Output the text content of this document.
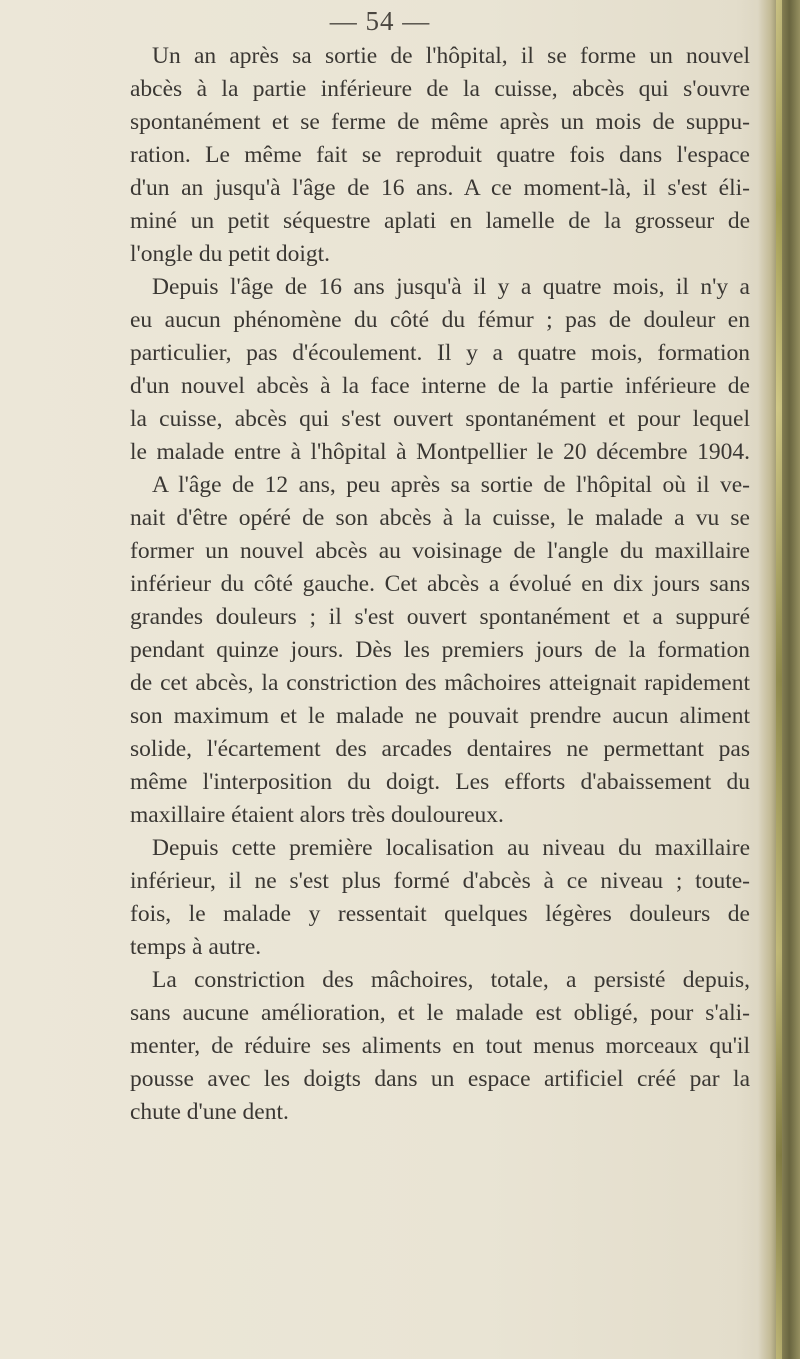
— 54 —
Un an après sa sortie de l'hôpital, il se forme un nouvel
abcès à la partie inférieure de la cuisse, abcès qui s'ouvre
spontanément et se ferme de même après un mois de suppu-
ration. Le même fait se reproduit quatre fois dans l'espace
d'un an jusqu'à l'âge de 16 ans. A ce moment-là, il s'est éli-
miné un petit séquestre aplati en lamelle de la grosseur de
l'ongle du petit doigt.
Depuis l'âge de 16 ans jusqu'à il y a quatre mois, il n'y a
eu aucun phénomène du côté du fémur ; pas de douleur en
particulier, pas d'écoulement. Il y a quatre mois, formation
d'un nouvel abcès à la face interne de la partie inférieure de
la cuisse, abcès qui s'est ouvert spontanément et pour lequel
le malade entre à l'hôpital à Montpellier le 20 décembre 1904.
A l'âge de 12 ans, peu après sa sortie de l'hôpital où il ve-
nait d'être opéré de son abcès à la cuisse, le malade a vu se
former un nouvel abcès au voisinage de l'angle du maxillaire
inférieur du côté gauche. Cet abcès a évolué en dix jours sans
grandes douleurs ; il s'est ouvert spontanément et a suppuré
pendant quinze jours. Dès les premiers jours de la formation
de cet abcès, la constriction des mâchoires atteignait rapidement
son maximum et le malade ne pouvait prendre aucun aliment
solide, l'écartement des arcades dentaires ne permettant pas
même l'interposition du doigt. Les efforts d'abaissement du
maxillaire étaient alors très douloureux.
Depuis cette première localisation au niveau du maxillaire
inférieur, il ne s'est plus formé d'abcès à ce niveau ; toute-
fois, le malade y ressentait quelques légères douleurs de
temps à autre.
La constriction des mâchoires, totale, a persisté depuis,
sans aucune amélioration, et le malade est obligé, pour s'ali-
menter, de réduire ses aliments en tout menus morceaux qu'il
pousse avec les doigts dans un espace artificiel créé par la
chute d'une dent.
